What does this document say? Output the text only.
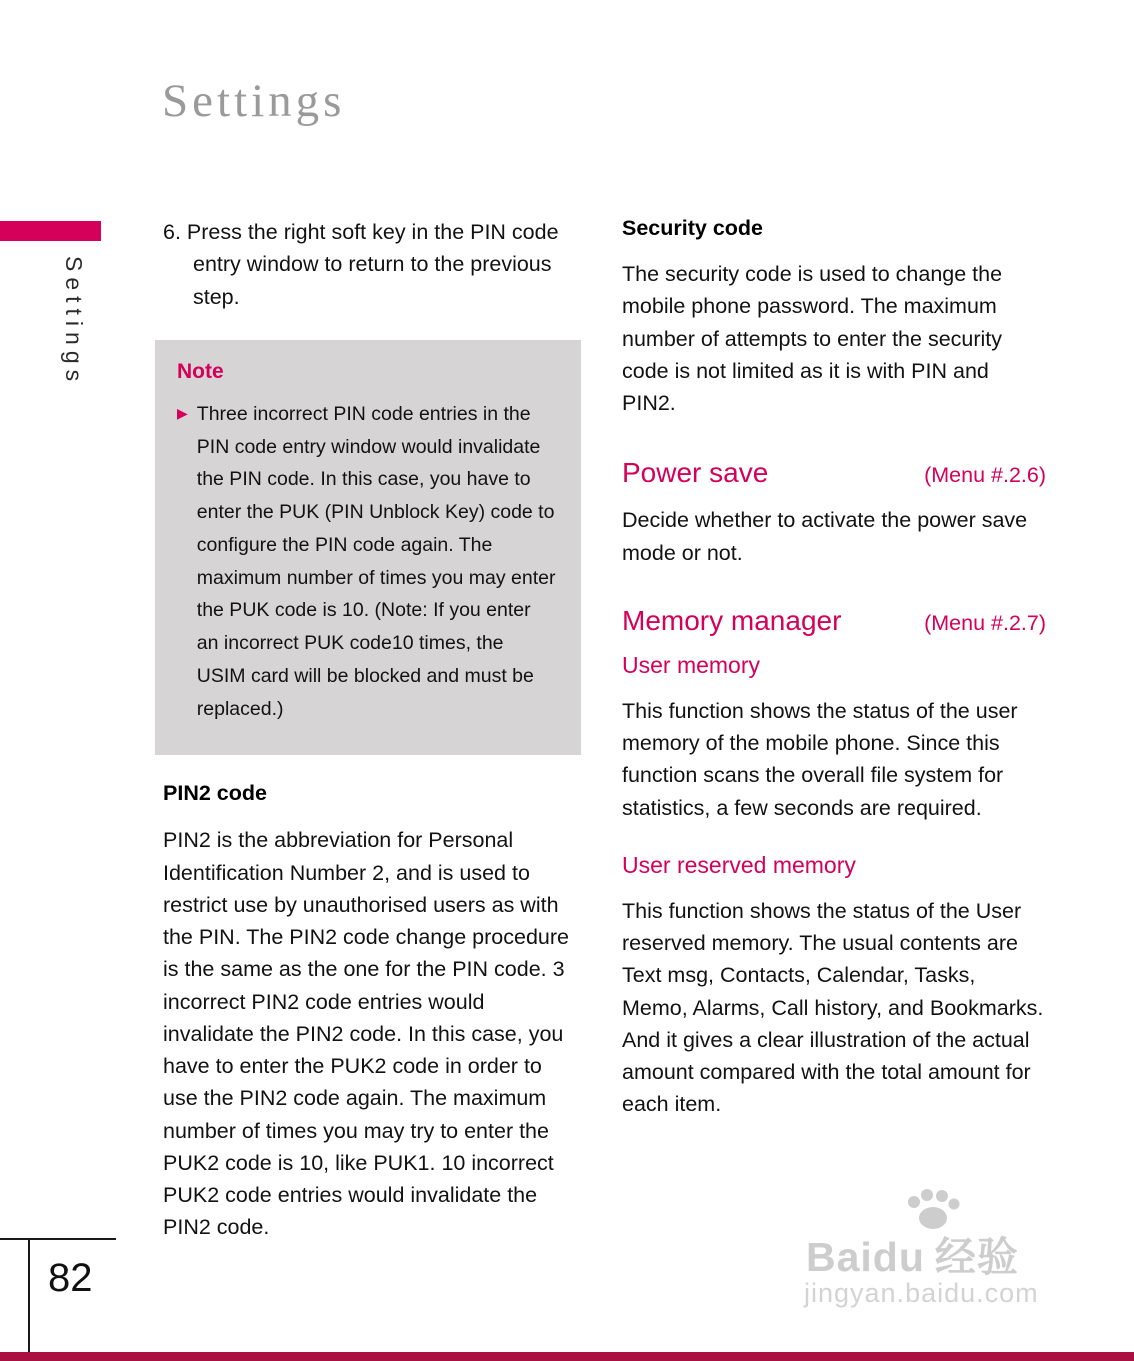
Settings
Settings

6. Press the right soft key in the PIN code entry window to return to the previous step.

Note
▶ Three incorrect PIN code entries in the PIN code entry window would invalidate the PIN code. In this case, you have to enter the PUK (PIN Unblock Key) code to configure the PIN code again. The maximum number of times you may enter the PUK code is 10. (Note: If you enter an incorrect PUK code10 times, the USIM card will be blocked and must be replaced.)
PIN2 code

PIN2 is the abbreviation for Personal Identification Number 2, and is used to restrict use by unauthorised users as with the PIN. The PIN2 code change procedure is the same as the one for the PIN code. 3 incorrect PIN2 code entries would invalidate the PIN2 code. In this case, you have to enter the PUK2 code in order to use the PIN2 code again. The maximum number of times you may try to enter the PUK2 code is 10, like PUK1. 10 incorrect PUK2 code entries would invalidate the PIN2 code.

Security code

The security code is used to change the mobile phone password. The maximum number of attempts to enter the security code is not limited as it is with PIN and PIN2.

Power save	(Menu #.2.6)

Decide whether to activate the power save mode or not.

Memory manager	(Menu #.2.7)
User memory

This function shows the status of the user memory of the mobile phone. Since this function scans the overall file system for statistics, a few seconds are required.

User reserved memory

This function shows the status of the User reserved memory. The usual contents are Text msg, Contacts, Calendar, Tasks, Memo, Alarms, Call history, and Bookmarks. And it gives a clear illustration of the actual amount compared with the total amount for each item.

82	Baidu 经验
jingyan.baidu.com
